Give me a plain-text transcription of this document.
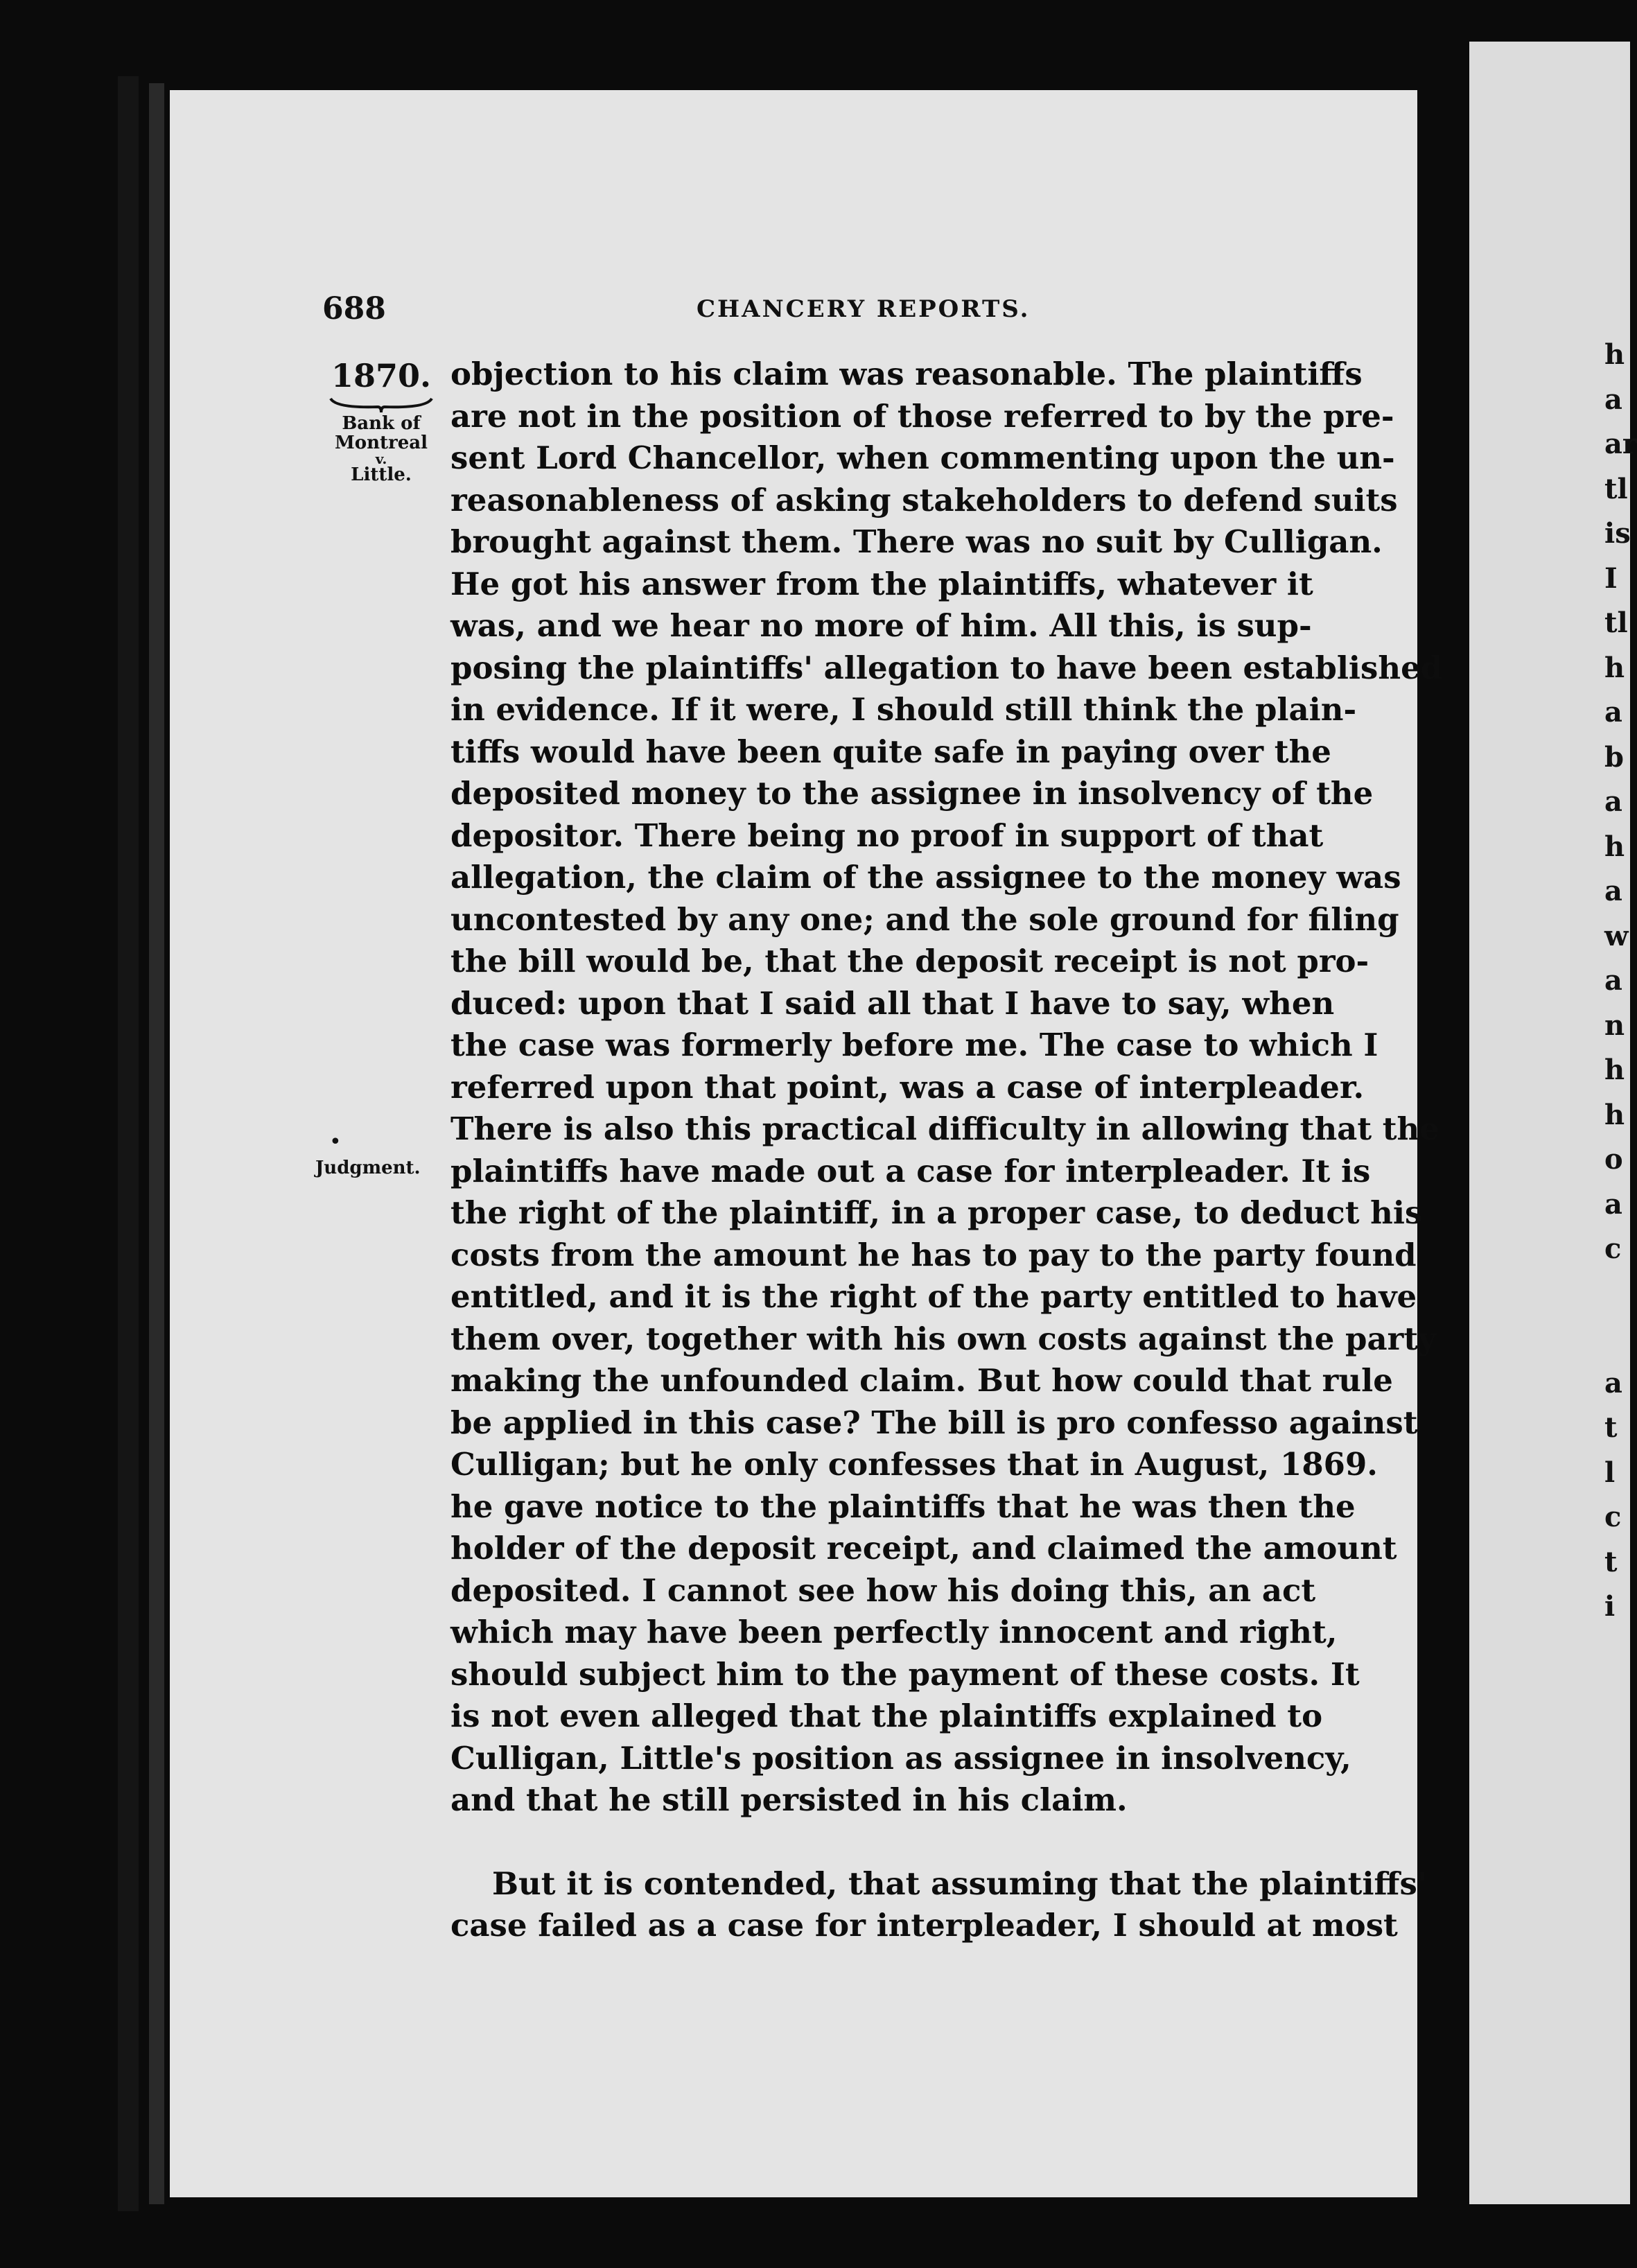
h
a
ar
tl
is
I
tl
h
a
b
a
h
a
w
a
n
h
h
o
a
c
a
t
l
c
t
i
688	CHANCERY REPORTS.
1870.
Bank of
Montreal
v.
Little.
•
Judgment.
objection to his claim was reasonable. The plaintiffs
are not in the position of those referred to by the pre-
sent Lord Chancellor, when commenting upon the un-
reasonableness of asking stakeholders to defend suits
brought against them. There was no suit by Culligan.
He got his answer from the plaintiffs, whatever it
was, and we hear no more of him. All this, is sup-
posing the plaintiffs' allegation to have been established
in evidence. If it were, I should still think the plain-
tiffs would have been quite safe in paying over the
deposited money to the assignee in insolvency of the
depositor. There being no proof in support of that
allegation, the claim of the assignee to the money was
uncontested by any one; and the sole ground for filing
the bill would be, that the deposit receipt is not pro-
duced: upon that I said all that I have to say, when
the case was formerly before me. The case to which I
referred upon that point, was a case of interpleader.
There is also this practical difficulty in allowing that the
plaintiffs have made out a case for interpleader. It is
the right of the plaintiff, in a proper case, to deduct his
costs from the amount he has to pay to the party found
entitled, and it is the right of the party entitled to have
them over, together with his own costs against the party
making the unfounded claim. But how could that rule
be applied in this case? The bill is pro confesso against
Culligan; but he only confesses that in August, 1869.
he gave notice to the plaintiffs that he was then the
holder of the deposit receipt, and claimed the amount
deposited. I cannot see how his doing this, an act
which may have been perfectly innocent and right,
should subject him to the payment of these costs. It
is not even alleged that the plaintiffs explained to
Culligan, Little's position as assignee in insolvency,
and that he still persisted in his claim.
But it is contended, that assuming that the plaintiffs'
case failed as a case for interpleader, I should at most
